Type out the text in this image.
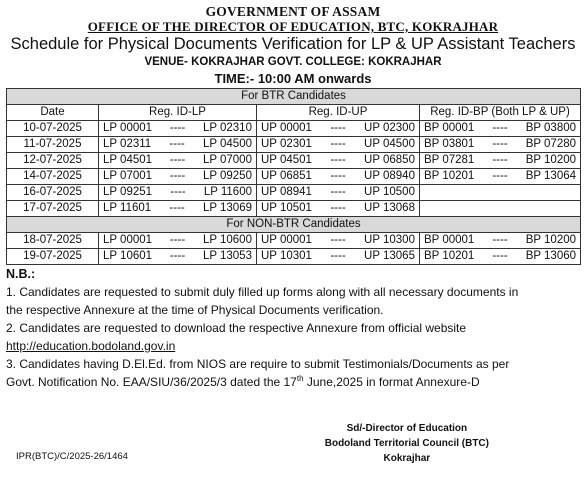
GOVERNMENT OF ASSAM
OFFICE OF THE DIRECTOR OF EDUCATION, BTC, KOKRAJHAR
Schedule for Physical Documents Verification for LP & UP Assistant Teachers
VENUE- KOKRAJHAR GOVT. COLLEGE: KOKRAJHAR
TIME:- 10:00 AM onwards
For BTR Candidates			
Date	Reg. ID-LP	Reg. ID-UP	Reg. ID-BP (Both LP & UP)
10-07-2025	LP 00001 ---- LP 02310	UP 00001 ---- UP 02300	BP 00001 ---- BP 03800

11-07-2025	LP 02311 ---- LP 04500	UP 02301 ---- UP 04500	BP 03801 ---- BP 07280

12-07-2025	LP 04501 ---- LP 07000	UP 04501 ---- UP 06850	BP 07281 ---- BP 10200

14-07-2025	LP 07001 ---- LP 09250	UP 06851 ---- UP 08940	BP 10201 ---- BP 13064

16-07-2025	LP 09251 ---- LP 11600	UP 08941 ---- UP 10500	

17-07-2025	LP 11601 ---- LP 13069	UP 10501 ---- UP 13068	

For NON-BTR Candidates			
18-07-2025	LP 00001 ---- LP 10600	UP 00001 ---- UP 10300	BP 00001 ---- BP 10200

19-07-2025	LP 10601 ---- LP 13053	UP 10301 ---- UP 13065	BP 10201 ---- BP 13060
N.B.:
1. Candidates are requested to submit duly filled up forms along with all necessary documents in
the respective Annexure at the time of Physical Documents verification.
2. Candidates are requested to download the respective Annexure from official website
http://education.bodoland.gov.in
3. Candidates having D.El.Ed. from NIOS are require to submit Testimonials/Documents as per
Govt. Notification No. EAA/SIU/36/2025/3 dated the 17th June,2025 in format Annexure-D
Sd/-Director of Education
Bodoland Territorial Council (BTC)
Kokrajhar
IPR(BTC)/C/2025-26/1464
